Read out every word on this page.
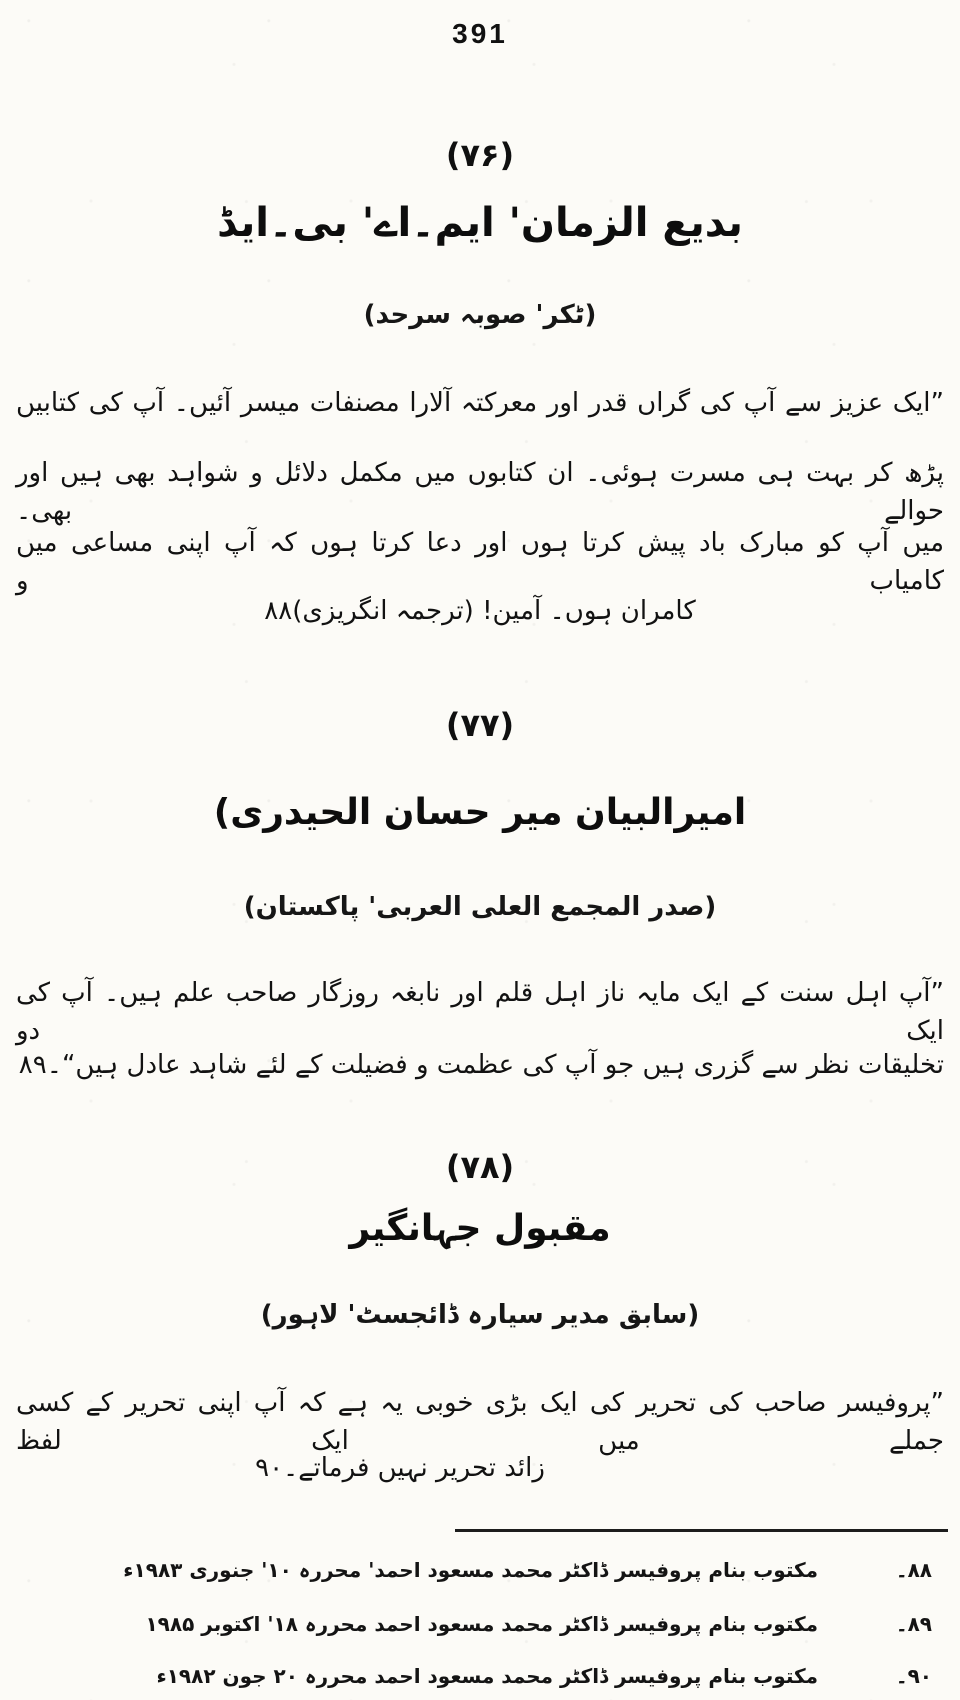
391
(۷۶)
بدیع الزمان' ایم۔اے' بی۔ایڈ
(ٹکر' صوبہ سرحد)
”ایک عزیز سے آپ کی گراں قدر اور معرکتہ آلارا مصنفات میسر آئیں۔ آپ کی کتابیں
پڑھ کر بہت ہی مسرت ہوئی۔ ان کتابوں میں مکمل دلائل و شواہد بھی ہیں اور حوالے بھی۔
میں آپ کو مبارک باد پیش کرتا ہوں اور دعا کرتا ہوں کہ آپ اپنی مساعی میں کامیاب و
کامران ہوں۔ آمین! (ترجمہ انگریزی)۸۸
(۷۷)
امیرالبیان میر حسان الحیدری)
(صدر المجمع العلی العربی' پاکستان)
”آپ اہل سنت کے ایک مایہ ناز اہل قلم اور نابغہ روزگار صاحب علم ہیں۔ آپ کی ایک دو
تخلیقات نظر سے گزری ہیں جو آپ کی عظمت و فضیلت کے لئے شاہد عادل ہیں“۔۸۹
(۷۸)
مقبول جہانگیر
(سابق مدیر سیارہ ڈائجسٹ' لاہور)
”پروفیسر صاحب کی تحریر کی ایک بڑی خوبی یہ ہے کہ آپ اپنی تحریر کے کسی جملے میں ایک لفظ
زائد تحریر نہیں فرماتے۔۹۰
۸۸۔مکتوب بنام پروفیسر ڈاکٹر محمد مسعود احمد' محررہ ۱۰' جنوری ۱۹۸۳ء
۸۹۔مکتوب بنام پروفیسر ڈاکٹر محمد مسعود احمد محررہ ۱۸' اکتوبر ۱۹۸۵
۹۰۔مکتوب بنام پروفیسر ڈاکٹر محمد مسعود احمد محررہ ۲۰ جون ۱۹۸۲ء
